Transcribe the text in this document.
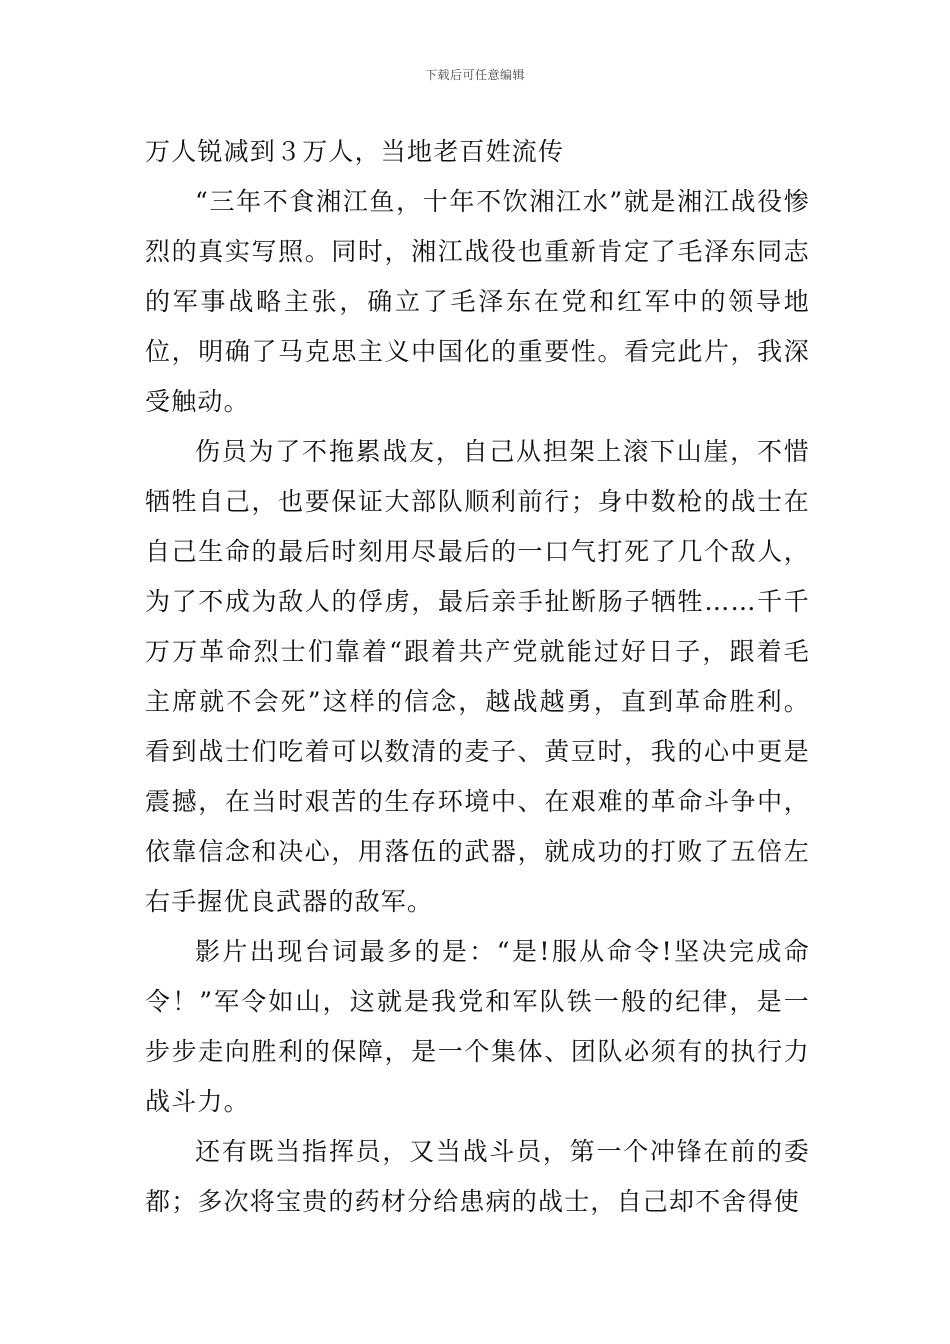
下载后可任意编辑

万人锐减到３万人，当地老百姓流传

“三年不食湘江鱼，十年不饮湘江水”就是湘江战役惨烈的真实写照。同时，湘江战役也重新肯定了毛泽东同志的军事战略主张，确立了毛泽东在党和红军中的领导地位，明确了马克思主义中国化的重要性。看完此片，我深受触动。

伤员为了不拖累战友，自己从担架上滚下山崖，不惜牺牲自己，也要保证大部队顺利前行；身中数枪的战士在自己生命的最后时刻用尽最后的一口气打死了几个敌人，为了不成为敌人的俘虏，最后亲手扯断肠子牺牲……千千万万革命烈士们靠着“跟着共产党就能过好日子，跟着毛主席就不会死”这样的信念，越战越勇，直到革命胜利。看到战士们吃着可以数清的麦子、黄豆时，我的心中更是震撼，在当时艰苦的生存环境中、在艰难的革命斗争中，依靠信念和决心，用落伍的武器，就成功的打败了五倍左右手握优良武器的敌军。

影片出现台词最多的是：“是!服从命令!坚决完成命令！”军令如山，这就是我党和军队铁一般的纪律，是一步步走向胜利的保障，是一个集体、团队必须有的执行力战斗力。

还有既当指挥员，又当战斗员，第一个冲锋在前的委都；多次将宝贵的药材分给患病的战士，自己却不舍得使
